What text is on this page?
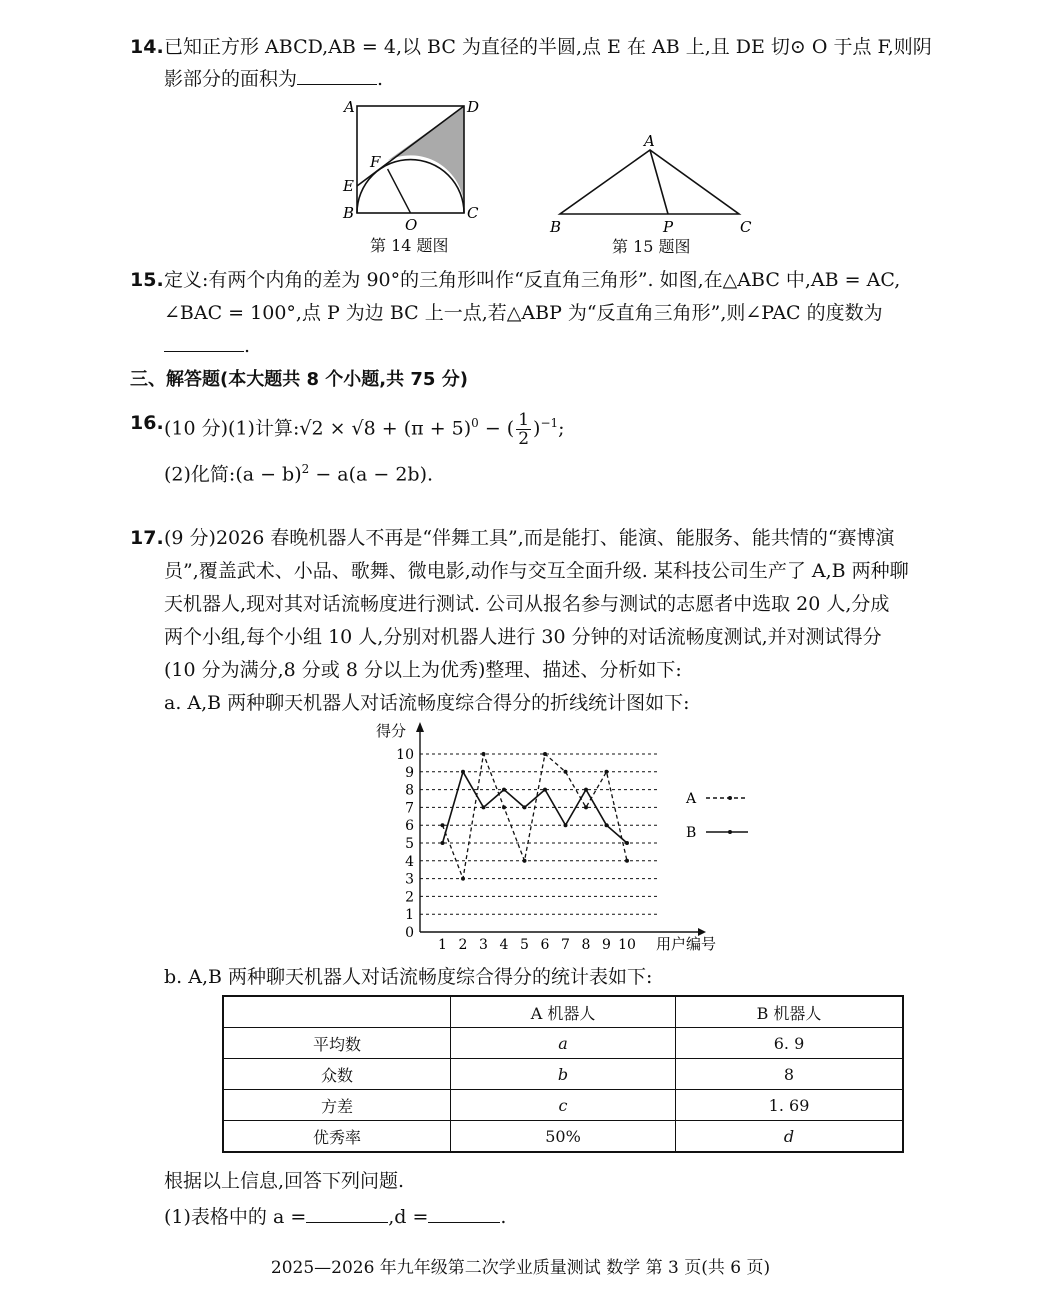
14. 已知正方形 ABCD,AB = 4,以 BC 为直径的半圆,点 E 在 AB 上,且 DE 切⊙ O 于点 F,则阴
影部分的面积为	.
A	D
E
F
B	C
O
第 14 题图
A
B	P	C
第 15 题图
15. 定义:有两个内角的差为 90°的三角形叫作“反直角三角形”. 如图,在△ABC 中,AB = AC,
∠BAC = 100°,点 P 为边 BC 上一点,若△ABP 为“反直角三角形”,则∠PAC 的度数为
.
三、解答题(本大题共 8 个小题,共 75 分)
16. (10 分)(1)计算:√2 × $√8 + (\pi + 5)^0$ − ( $\frac{1}{2} )^{-1}$;
(2)化简:(a − b)$^2$ − a(a − 2b).
17. (9 分)2026 春晚机器人不再是“伴舞工具”,而是能打、能演、能服务、能共情的“赛博演
员”,覆盖武术、小品、歌舞、微电影,动作与交互全面升级. 某科技公司生产了 A,B 两种聊
天机器人,现对其对话流畅度进行测试. 公司从报名参与测试的志愿者中选取 20 人,分成
两个小组,每个小组 10 人,分别对机器人进行 30 分钟的对话流畅度测试,并对测试得分
(10 分为满分,8 分或 8 分以上为优秀)整理、描述、分析如下:
a. A,B 两种聊天机器人对话流畅度综合得分的折线统计图如下:
0
1
2
3
4
5
6
7
8
9
10
得分
用户编号
1 2 3 4 5 6 7 8 9 10
A
B
b. A,B 两种聊天机器人对话流畅度综合得分的统计表如下:
	A 机器人	B 机器人
平均数	a	6. 9
众数	b	8
方差	c	1. 69
优秀率	50%	d
根据以上信息,回答下列问题.
(1)表格中的 a =	,d =	.
2025—2026 年九年级第二次学业质量测试 数学 第 3 页(共 6 页)
